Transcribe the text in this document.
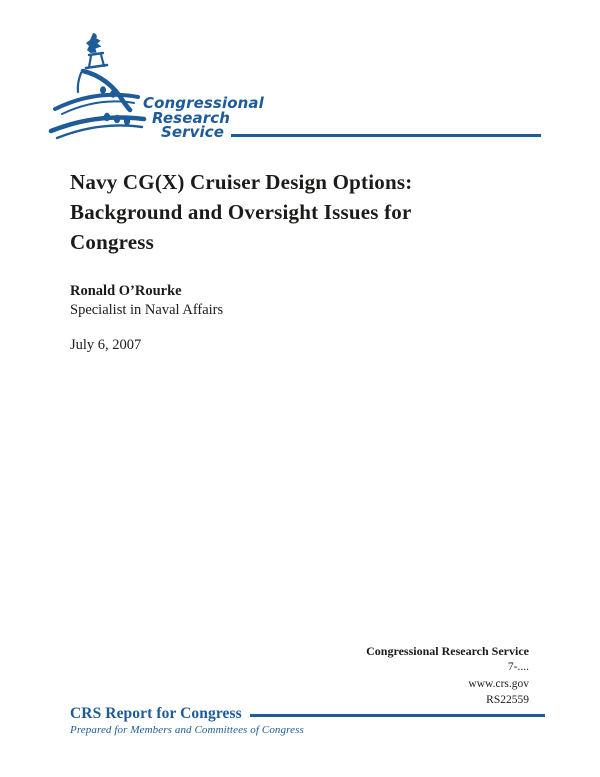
Congressional
Research
Service
Navy CG(X) Cruiser Design Options:
Background and Oversight Issues for
Congress
Ronald O’Rourke
Specialist in Naval Affairs
July 6, 2007
Congressional Research Service
7-....
www.crs.gov
RS22559
CRS Report for Congress
Prepared for Members and Committees of Congress
